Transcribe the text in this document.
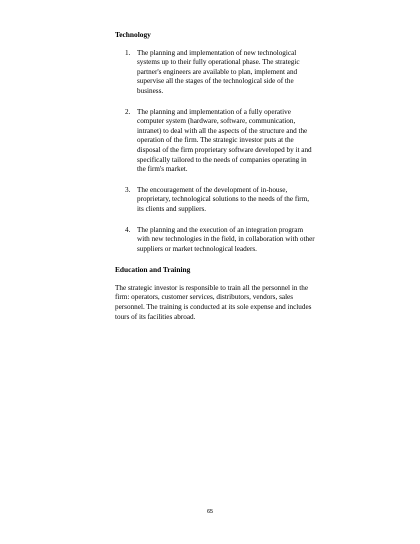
Technology
1. The planning and implementation of new technological systems up to their fully operational phase. The strategic partner's engineers are available to plan, implement and supervise all the stages of the technological side of the business.
2. The planning and implementation of a fully operative computer system (hardware, software, communication, intranet) to deal with all the aspects of the structure and the operation of the firm. The strategic investor puts at the disposal of the firm proprietary software developed by it and specifically tailored to the needs of companies operating in the firm's market.
3. The encouragement of the development of in-house, proprietary, technological solutions to the needs of the firm, its clients and suppliers.
4. The planning and the execution of an integration program with new technologies in the field, in collaboration with other suppliers or market technological leaders.
Education and Training

The strategic investor is responsible to train all the personnel in the firm: operators, customer services, distributors, vendors, sales personnel. The training is conducted at its sole expense and includes tours of its facilities abroad.

65
